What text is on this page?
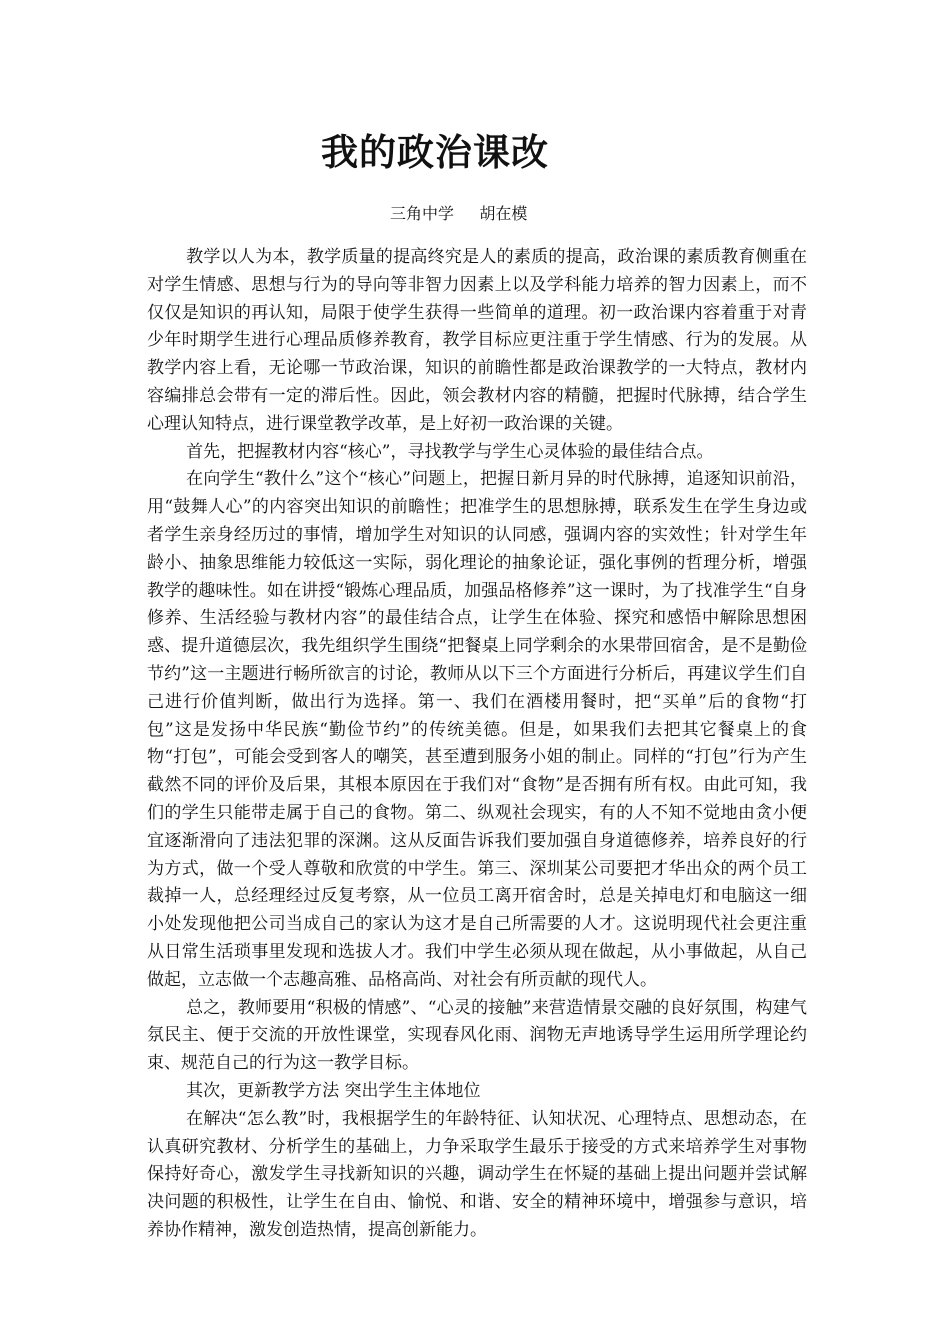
我的政治课改
三角中学     胡在模

教学以人为本，教学质量的提高终究是人的素质的提高，政治课的素质教育侧重在对学生情感、思想与行为的导向等非智力因素上以及学科能力培养的智力因素上，而不仅仅是知识的再认知，局限于使学生获得一些简单的道理。初一政治课内容着重于对青少年时期学生进行心理品质修养教育，教学目标应更注重于学生情感、行为的发展。从教学内容上看，无论哪一节政治课，知识的前瞻性都是政治课教学的一大特点，教材内容编排总会带有一定的滞后性。因此，领会教材内容的精髓，把握时代脉搏，结合学生心理认知特点，进行课堂教学改革，是上好初一政治课的关键。

首先，把握教材内容“核心”，寻找教学与学生心灵体验的最佳结合点。

在向学生“教什么”这个“核心”问题上，把握日新月异的时代脉搏，追逐知识前沿，用“鼓舞人心”的内容突出知识的前瞻性；把准学生的思想脉搏，联系发生在学生身边或者学生亲身经历过的事情，增加学生对知识的认同感，强调内容的实效性；针对学生年龄小、抽象思维能力较低这一实际，弱化理论的抽象论证，强化事例的哲理分析，增强教学的趣味性。如在讲授“锻炼心理品质，加强品格修养”这一课时，为了找准学生“自身修养、生活经验与教材内容”的最佳结合点，让学生在体验、探究和感悟中解除思想困惑、提升道德层次，我先组织学生围绕“把餐桌上同学剩余的水果带回宿舍，是不是勤俭节约”这一主题进行畅所欲言的讨论，教师从以下三个方面进行分析后，再建议学生们自己进行价值判断，做出行为选择。第一、我们在酒楼用餐时，把“买单”后的食物“打包”这是发扬中华民族“勤俭节约”的传统美德。但是，如果我们去把其它餐桌上的食物“打包”，可能会受到客人的嘲笑，甚至遭到服务小姐的制止。同样的“打包”行为产生截然不同的评价及后果，其根本原因在于我们对“食物”是否拥有所有权。由此可知，我们的学生只能带走属于自己的食物。第二、纵观社会现实，有的人不知不觉地由贪小便宜逐渐滑向了违法犯罪的深渊。这从反面告诉我们要加强自身道德修养，培养良好的行为方式，做一个受人尊敬和欣赏的中学生。第三、深圳某公司要把才华出众的两个员工裁掉一人，总经理经过反复考察，从一位员工离开宿舍时，总是关掉电灯和电脑这一细小处发现他把公司当成自己的家认为这才是自己所需要的人才。这说明现代社会更注重从日常生活琐事里发现和选拔人才。我们中学生必须从现在做起，从小事做起，从自己做起，立志做一个志趣高雅、品格高尚、对社会有所贡献的现代人。

总之，教师要用“积极的情感”、“心灵的接触”来营造情景交融的良好氛围，构建气氛民主、便于交流的开放性课堂，实现春风化雨、润物无声地诱导学生运用所学理论约束、规范自己的行为这一教学目标。

其次，更新教学方法 突出学生主体地位

在解决“怎么教”时，我根据学生的年龄特征、认知状况、心理特点、思想动态，在认真研究教材、分析学生的基础上，力争采取学生最乐于接受的方式来培养学生对事物保持好奇心，激发学生寻找新知识的兴趣，调动学生在怀疑的基础上提出问题并尝试解决问题的积极性，让学生在自由、愉悦、和谐、安全的精神环境中，增强参与意识，培养协作精神，激发创造热情，提高创新能力。
